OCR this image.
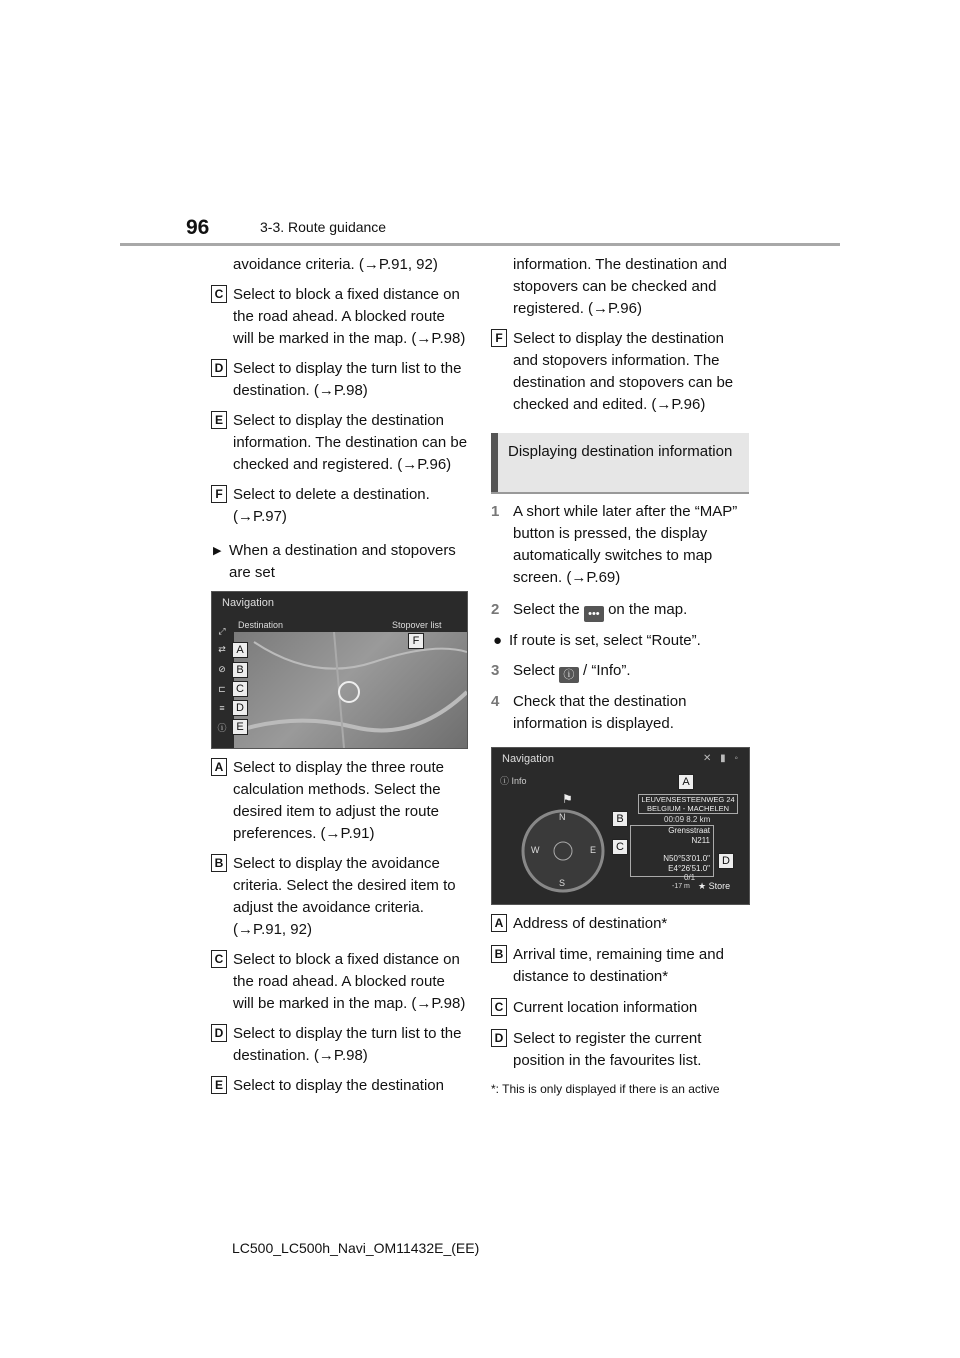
96	3-3. Route guidance

avoidance criteria. (→P.91, 92)

C Select to block a fixed distance on the road ahead. A blocked route will be marked in the map. (→P.98)

D Select to display the turn list to the destination. (→P.98)

E Select to display the destination information. The destination can be checked and registered. (→P.96)

F Select to delete a destination. (→P.97)

▶ When a destination and stopovers are set

Navigation
Destination	Stopover list
⤢
⇄
⊘
⊏
≡
ⓘ
A
B
C
D
E
F

A Select to display the three route calculation methods. Select the desired item to adjust the route preferences. (→P.91)

B Select to display the avoidance criteria. Select the desired item to adjust the avoidance criteria. (→P.91, 92)

C Select to block a fixed distance on the road ahead. A blocked route will be marked in the map. (→P.98)

D Select to display the turn list to the destination. (→P.98)

E Select to display the destination

information. The destination and stopovers can be checked and registered. (→P.96)

F Select to display the destination and stopovers information. The destination and stopovers can be checked and edited. (→P.96)

Displaying destination information

1 A short while later after the “MAP” button is pressed, the display automatically switches to map screen. (→P.69)

2 Select the ••• on the map.

● If route is set, select “Route”.

3 Select ⓘ / “Info”.

4 Check that the destination information is displayed.

Navigation	✕ ▮ ◦
ⓘ Info
⚑
N
S
W	E
LEUVENSESTEENWEG 24
BELGIUM - MACHELEN
00:09 8.2 km
Grensstraat
N211
N50°53'01.0"
E4°26'51.0"
0/1
-17 m ★ Store
A
B
C
D

A Address of destination*

B Arrival time, remaining time and distance to destination*

C Current location information

D Select to register the current position in the favourites list.

*: This is only displayed if there is an active

LC500_LC500h_Navi_OM11432E_(EE)
